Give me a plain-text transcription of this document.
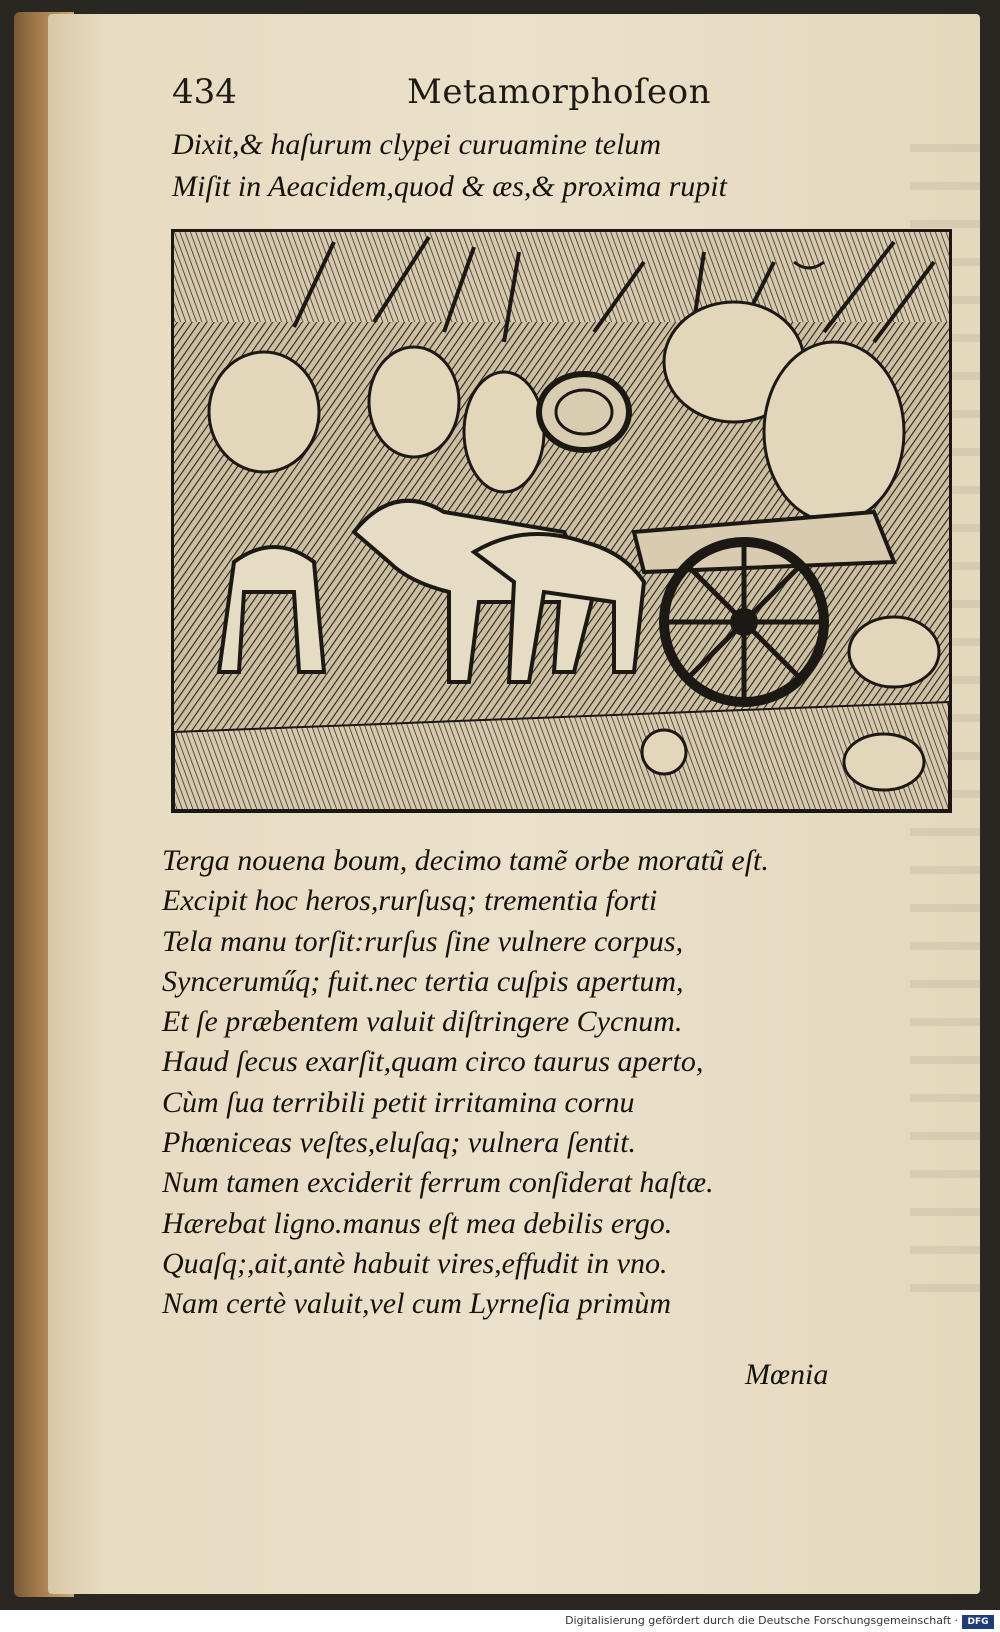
434	Metamorphoſeon
Dixit,& haſurum clypei curuamine telum
Miſit in Aeacidem,quod & æs,& proxima rupit
Terga nouena boum, decimo tamẽ orbe moratũ eſt.
Excipit hoc heros,rurſusq; trementia forti
Tela manu torſit:rurſus ſine vulnere corpus,
Synceruműq; fuit.nec tertia cuſpis apertum,
Et ſe præbentem valuit diſtringere Cycnum.
Haud ſecus exarſit,quam circo taurus aperto,
Cùm ſua terribili petit irritamina cornu
Phœniceas veſtes,eluſaq; vulnera ſentit.
Num tamen exciderit ferrum conſiderat haſtæ.
Hærebat ligno.manus eſt mea debilis ergo.
Quaſq;,ait,antè habuit vires,effudit in vno.
Nam certè valuit,vel cum Lyrneſia primùm
Mœnia
Digitalisierung gefördert durch die Deutsche Forschungsgemeinschaft ·	DFG
